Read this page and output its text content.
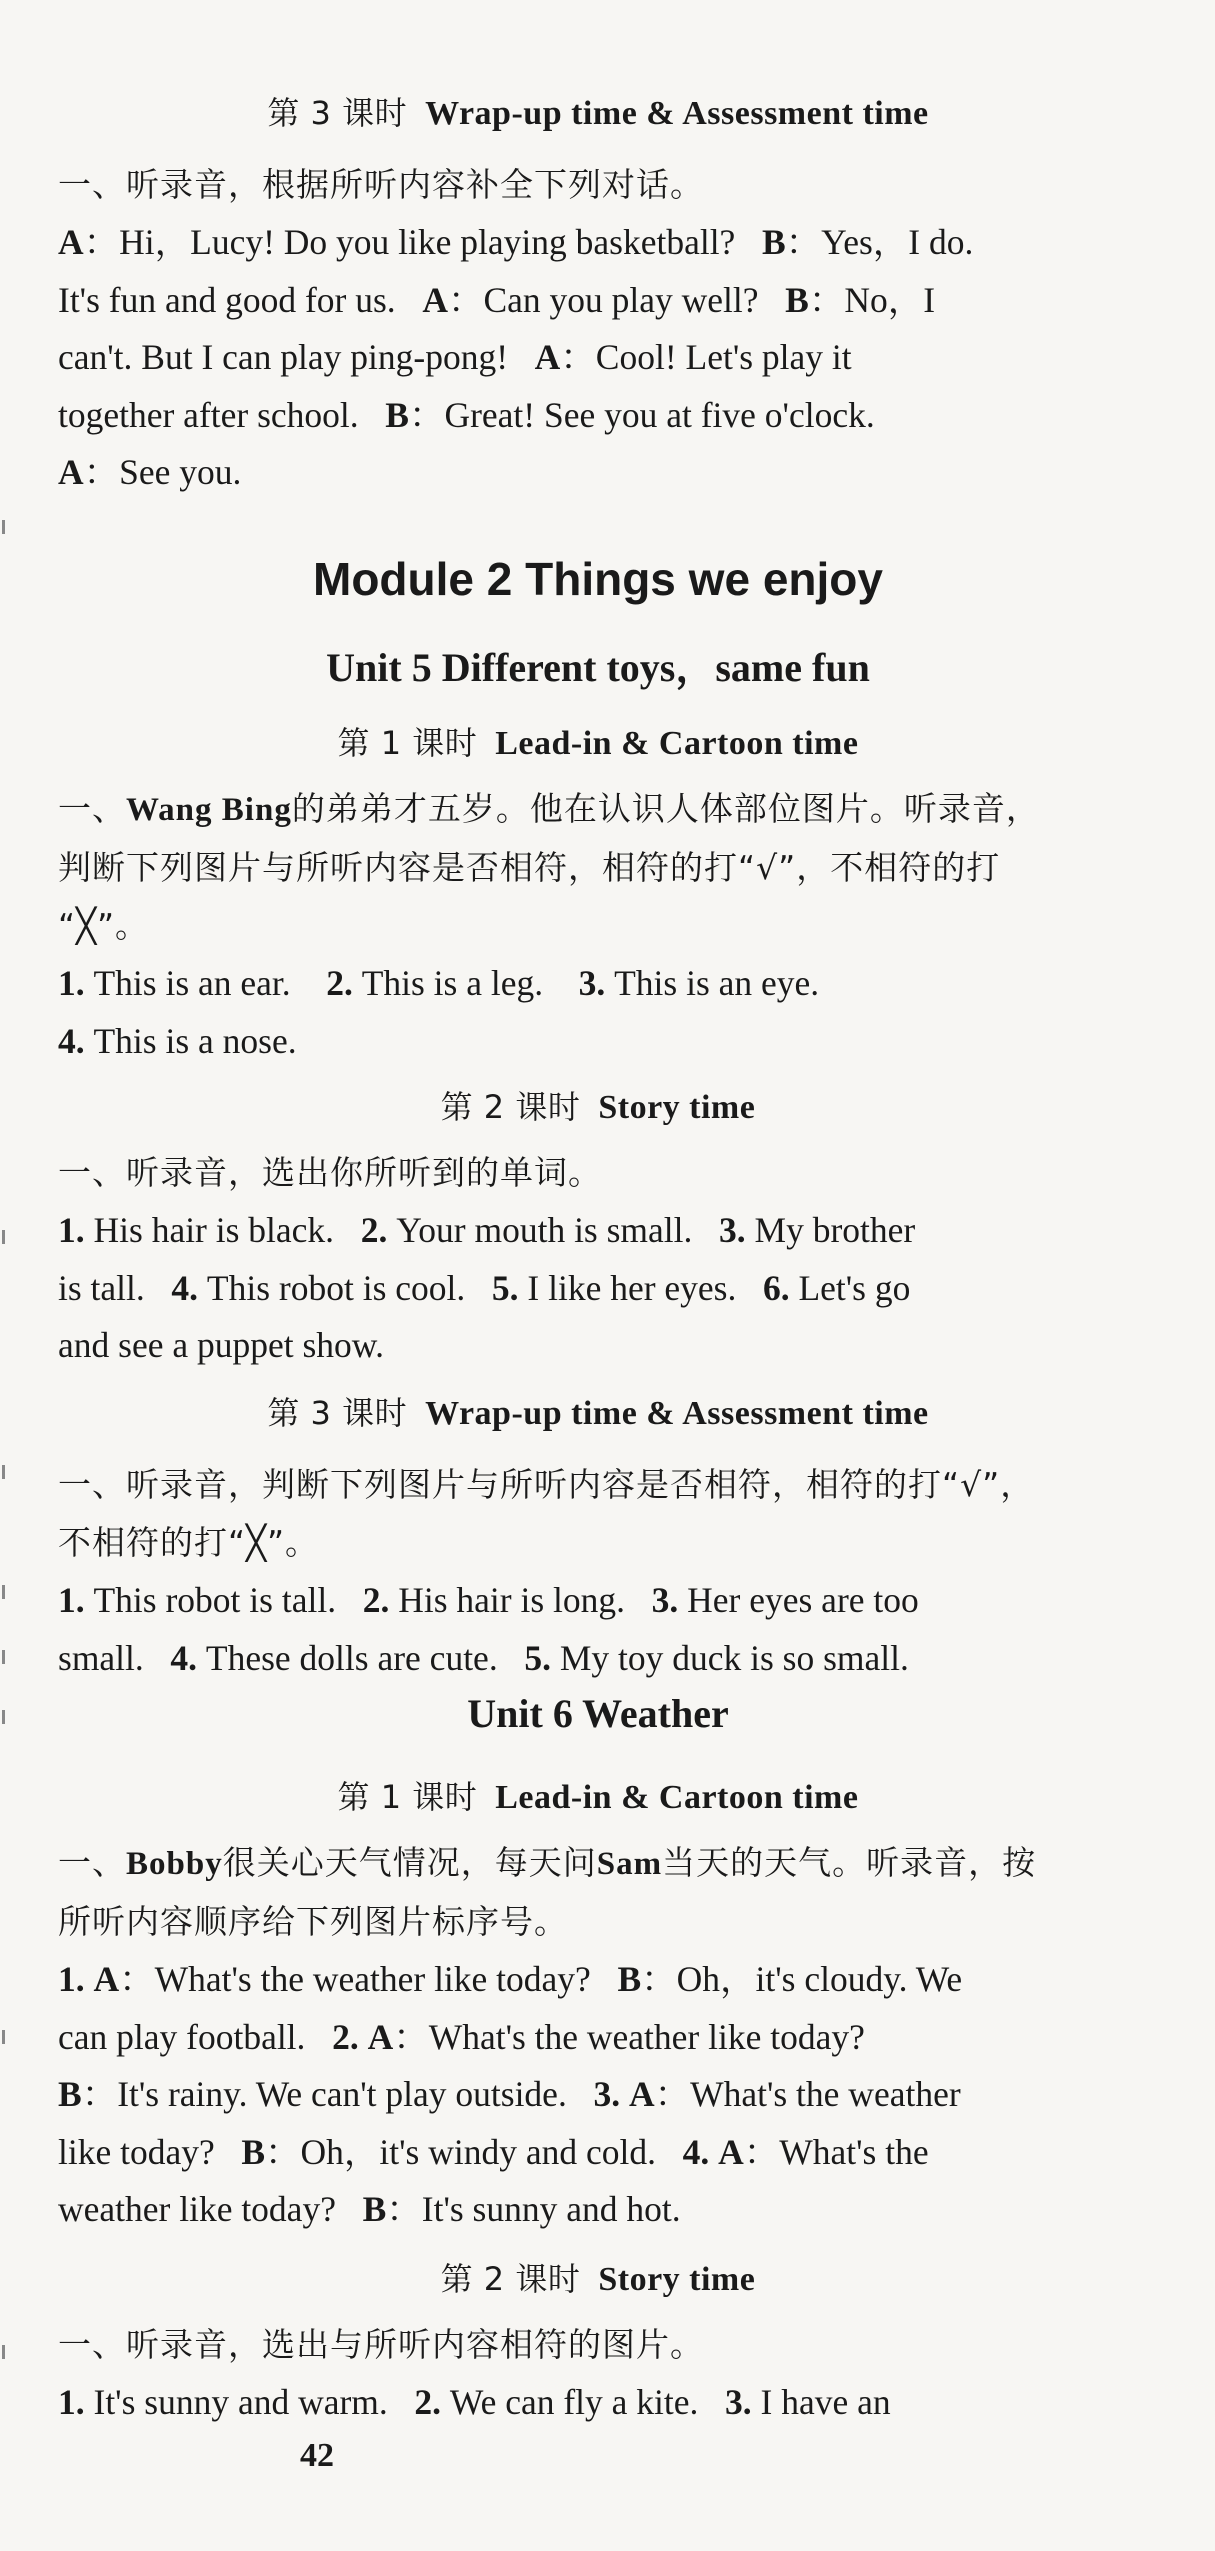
第 3 课时 Wrap-up time & Assessment time

一、听录音，根据所听内容补全下列对话。

A：Hi，Lucy! Do you like playing basketball? B：Yes，I do.

It's fun and good for us. A：Can you play well? B：No，I

can't. But I can play ping-pong! A：Cool! Let's play it

together after school. B：Great! See you at five o'clock.

A：See you.

Module 2 Things we enjoy

Unit 5 Different toys，same fun

第 1 课时 Lead-in & Cartoon time

一、Wang Bing的弟弟才五岁。他在认识人体部位图片。听录音，

判断下列图片与所听内容是否相符，相符的打“√”，不相符的打

“╳”。

1. This is an ear. 2. This is a leg. 3. This is an eye.

4. This is a nose.

第 2 课时 Story time

一、听录音，选出你所听到的单词。

1. His hair is black. 2. Your mouth is small. 3. My brother

is tall. 4. This robot is cool. 5. I like her eyes. 6. Let's go

and see a puppet show.

第 3 课时 Wrap-up time & Assessment time

一、听录音，判断下列图片与所听内容是否相符，相符的打“√”，

不相符的打“╳”。

1. This robot is tall. 2. His hair is long. 3. Her eyes are too

small. 4. These dolls are cute. 5. My toy duck is so small.

Unit 6 Weather

第 1 课时 Lead-in & Cartoon time

一、Bobby很关心天气情况，每天问Sam当天的天气。听录音，按

所听内容顺序给下列图片标序号。

1. A：What's the weather like today? B：Oh，it's cloudy. We

can play football. 2. A：What's the weather like today?

B：It's rainy. We can't play outside. 3. A：What's the weather

like today? B：Oh，it's windy and cold. 4. A：What's the

weather like today? B：It's sunny and hot.

第 2 课时 Story time

一、听录音，选出与所听内容相符的图片。

1. It's sunny and warm. 2. We can fly a kite. 3. I have an

42
